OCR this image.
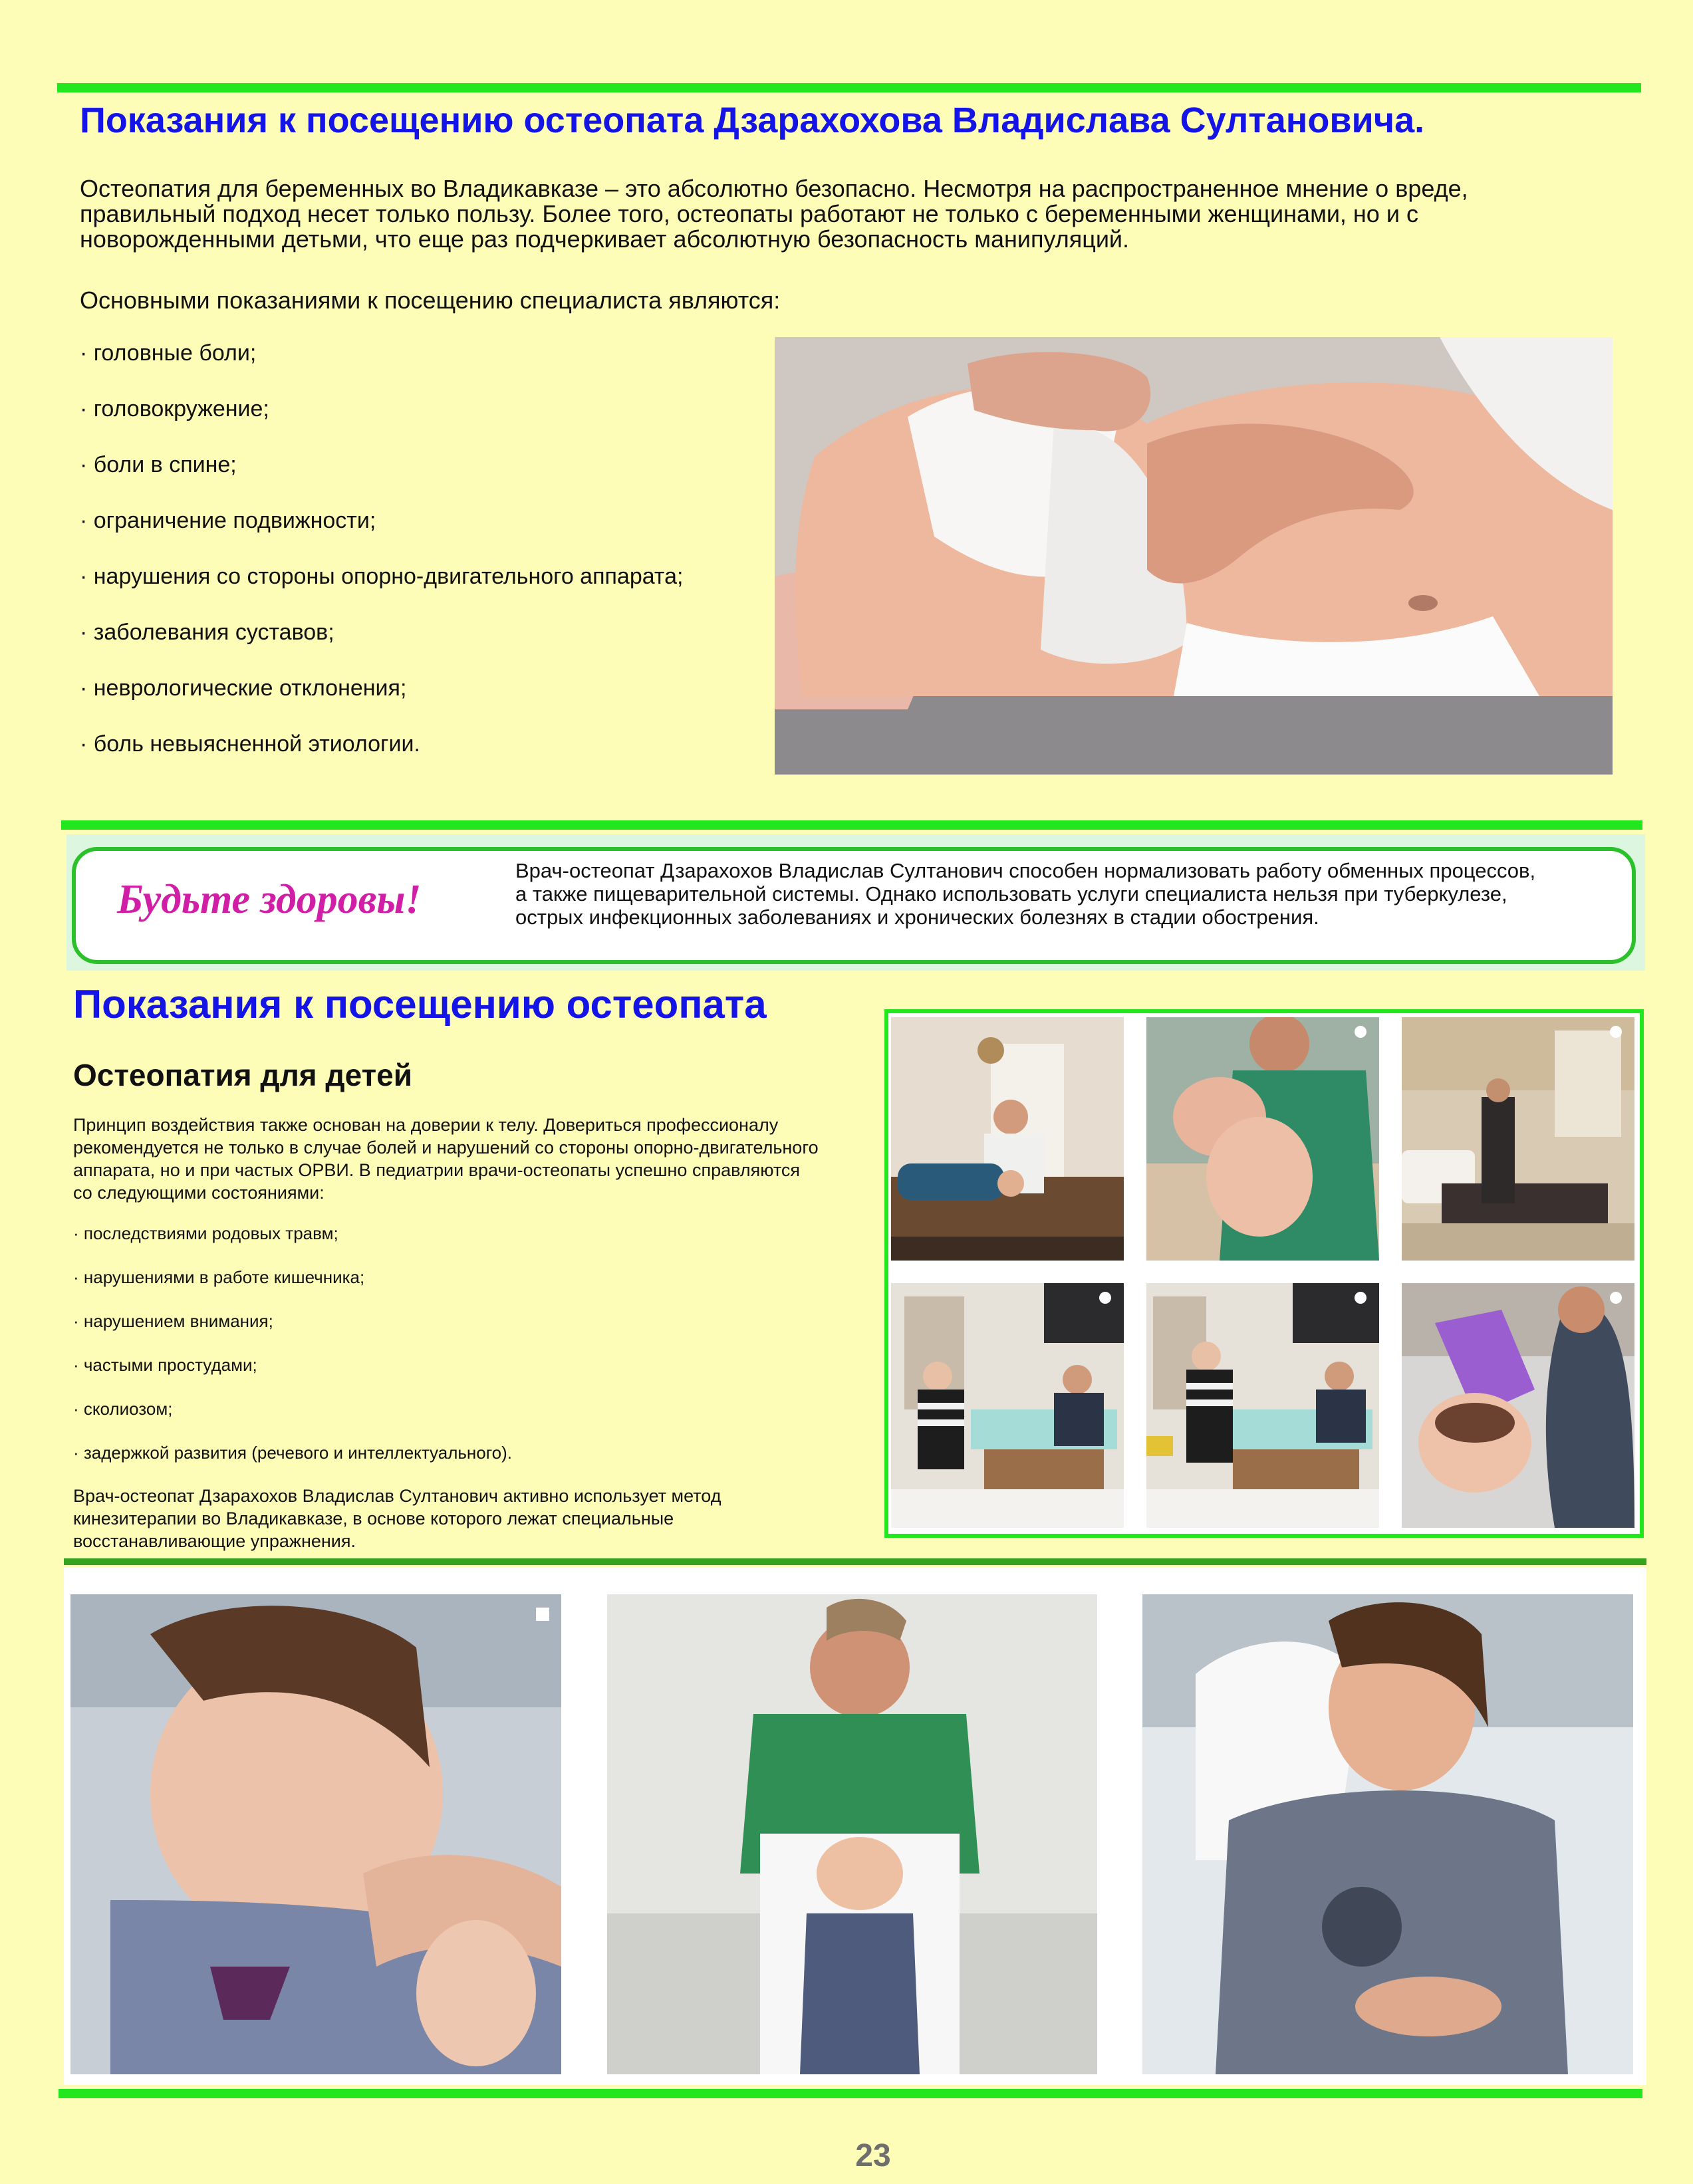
Показания к посещению остеопата Дзарахохова Владислава Султановича.
Остеопатия для беременных во Владикавказе – это абсолютно безопасно. Несмотря на распространенное мнение о вреде,
правильный подход несет только пользу. Более того, остеопаты работают не только с беременными женщинами, но и с
новорожденными детьми, что еще раз подчеркивает абсолютную безопасность манипуляций.
Основными показаниями к посещению специалиста являются:
· головные боли;
· головокружение;
· боли в спине;
· ограничение подвижности;
· нарушения со стороны опорно-двигательного аппарата;
· заболевания суставов;
· неврологические отклонения;
· боль невыясненной этиологии.
Будьте здоровы!
Врач-остеопат Дзарахохов Владислав Султанович способен нормализовать работу обменных процессов,
а также пищеварительной системы. Однако использовать услуги специалиста нельзя при туберкулезе,
острых инфекционных заболеваниях и хронических болезнях в стадии обострения.
Показания к посещению остеопата
Остеопатия для детей
Принцип воздействия также основан на доверии к телу. Довериться профессионалу
рекомендуется не только в случае болей и нарушений со стороны опорно-двигательного
аппарата, но и при частых ОРВИ. В педиатрии врачи-остеопаты успешно справляются
со следующими состояниями:
· последствиями родовых травм;
· нарушениями в работе кишечника;
· нарушением внимания;
· частыми простудами;
· сколиозом;
· задержкой развития (речевого и интеллектуального).
Врач-остеопат Дзарахохов Владислав Султанович активно использует метод
кинезитерапии во Владикавказе, в основе которого лежат специальные
восстанавливающие упражнения.
23
